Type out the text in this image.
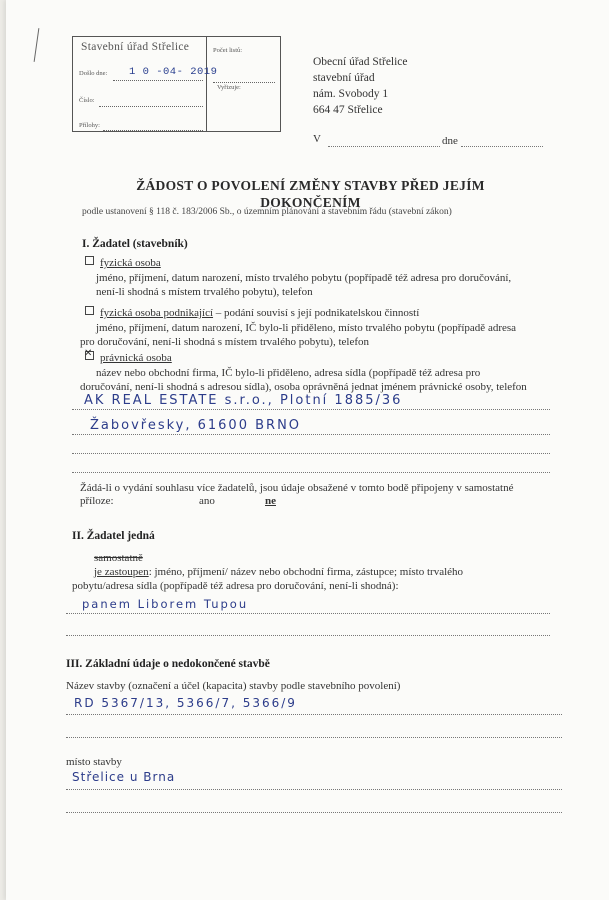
Stavební úřad Střelice
Došlo dne: 1 0 -04- 2019
Číslo:
Přílohy:
Počet listů:
Vyřizuje:
Obecní úřad Střelice
stavební úřad
nám. Svobody 1
664 47 Střelice
V	dne
ŽÁDOST O POVOLENÍ ZMĚNY STAVBY PŘED JEJÍM
DOKONČENÍM
podle ustanovení § 118 č. 183/2006 Sb., o územním plánování a stavebním řádu (stavební zákon)
I. Žadatel (stavebník)
fyzická osoba
jméno, příjmení, datum narození, místo trvalého pobytu (popřípadě též adresa pro doručování,
není-li shodná s místem trvalého pobytu), telefon
fyzická osoba podnikající – podání souvisí s její podnikatelskou činností
jméno, příjmení, datum narození, IČ bylo-li přiděleno, místo trvalého pobytu (popřípadě adresa
pro doručování, není-li shodná s místem trvalého pobytu), telefon
✕právnická osoba
název nebo obchodní firma, IČ bylo-li přiděleno, adresa sídla (popřípadě též adresa pro
doručování, není-li shodná s adresou sídla), osoba oprávněná jednat jménem právnické osoby, telefon
AK REAL ESTATE s.r.o., Plotní 1885/36
Žabovřesky, 61600 BRNO
Žádá-li o vydání souhlasu více žadatelů, jsou údaje obsažené v tomto bodě připojeny v samostatné
příloze:	ano	ne
II. Žadatel jedná
samostatně
je zastoupen: jméno, příjmení/ název nebo obchodní firma, zástupce; místo trvalého
pobytu/adresa sídla (popřípadě též adresa pro doručování, není-li shodná):
panem Liborem Tupou
III. Základní údaje o nedokončené stavbě
Název stavby (označení a účel (kapacita) stavby podle stavebního povolení)
RD 5367/13, 5366/7, 5366/9
místo stavby
Střelice u Brna
